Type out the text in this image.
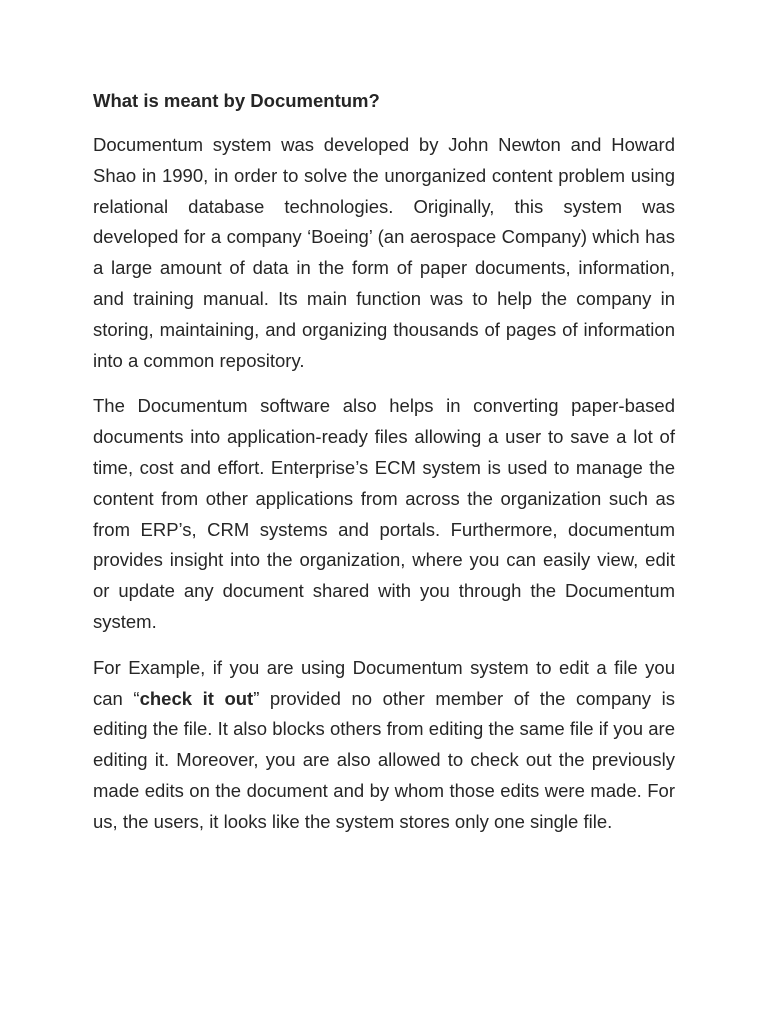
What is meant by Documentum?

Documentum system was developed by John Newton and Howard Shao in 1990, in order to solve the unorganized content problem using relational database technologies. Originally, this system was developed for a company ‘Boeing’ (an aerospace Company) which has a large amount of data in the form of paper documents, information, and training manual. Its main function was to help the company in storing, maintaining, and organizing thousands of pages of information into a common repository.

The Documentum software also helps in converting paper-based documents into application-ready files allowing a user to save a lot of time, cost and effort. Enterprise’s ECM system is used to manage the content from other applications from across the organization such as from ERP’s, CRM systems and portals. Furthermore, documentum provides insight into the organization, where you can easily view, edit or update any document shared with you through the Documentum system.

For Example, if you are using Documentum system to edit a file you can “check it out” provided no other member of the company is editing the file. It also blocks others from editing the same file if you are editing it. Moreover, you are also allowed to check out the previously made edits on the document and by whom those edits were made. For us, the users, it looks like the system stores only one single file.
